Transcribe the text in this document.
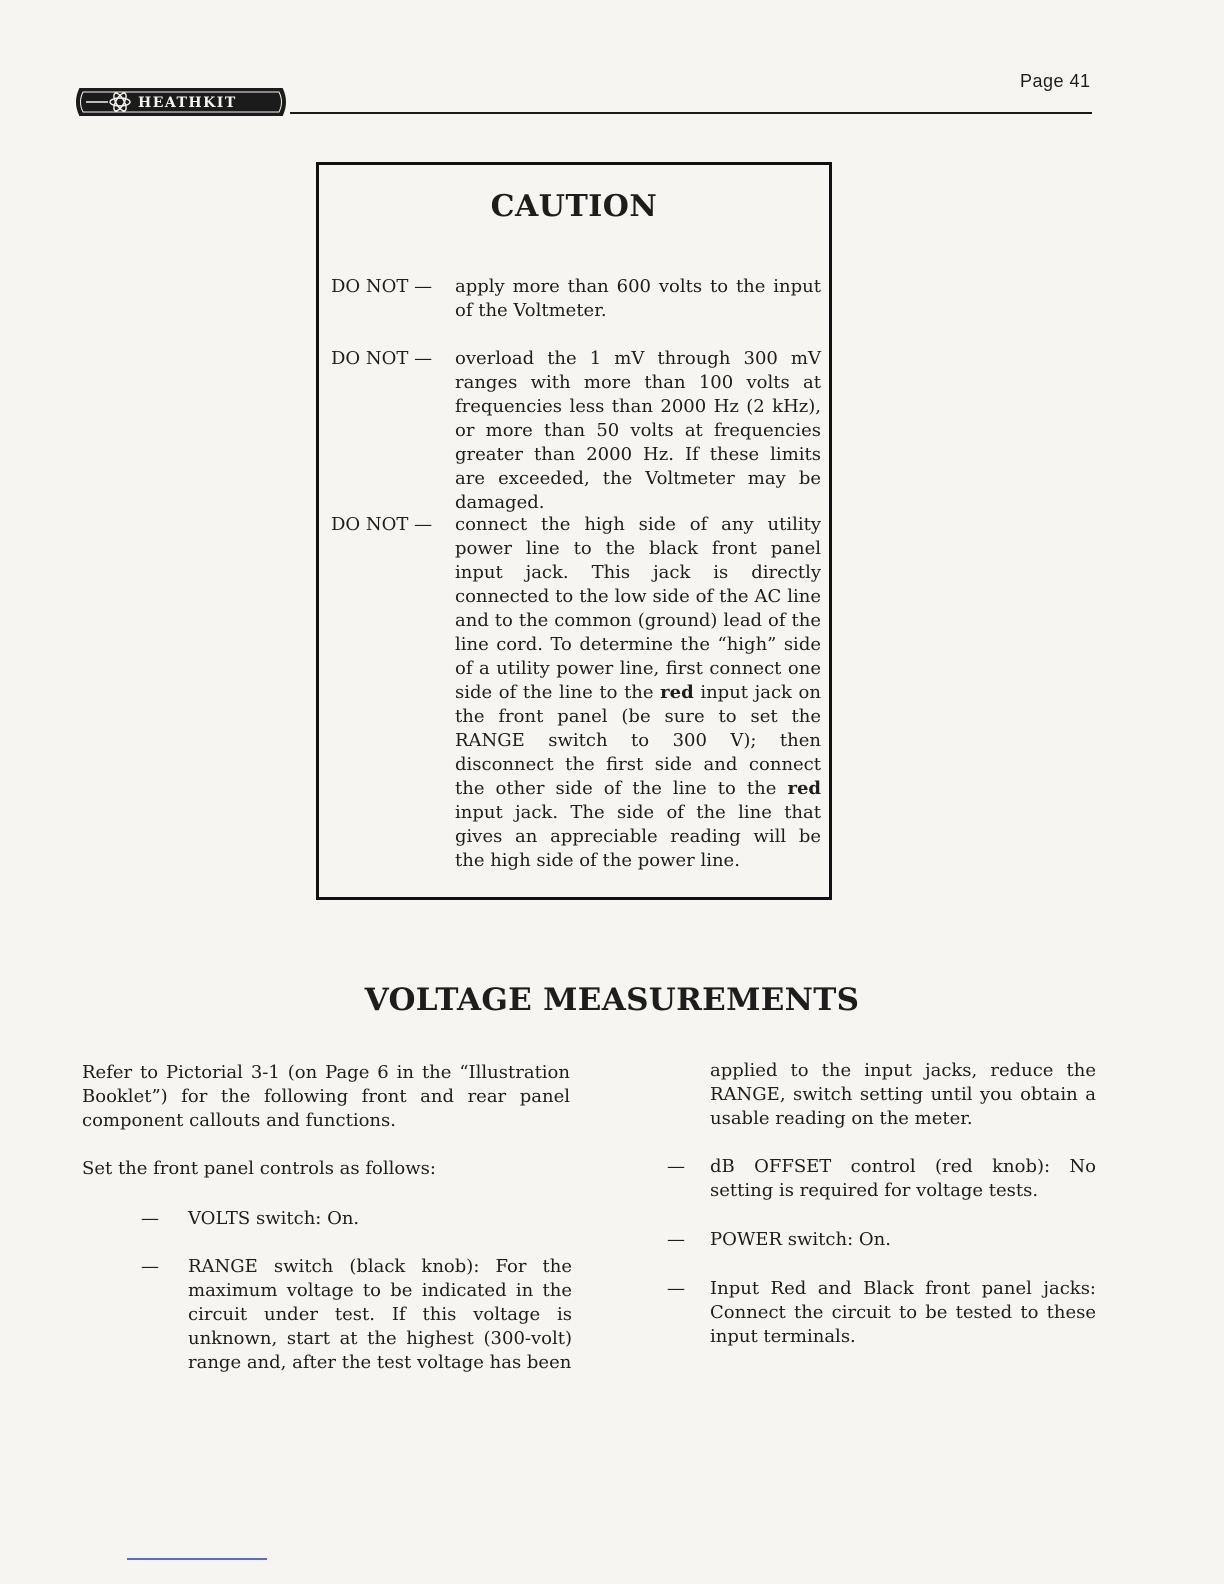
HEATHKIT
Page 41
CAUTION
DO NOT —	apply more than 600 volts to the input of the Voltmeter.
DO NOT —	overload the 1 mV through 300 mV ranges with more than 100 volts at frequencies less than 2000 Hz (2 kHz), or more than 50 volts at frequencies greater than 2000 Hz. If these limits are exceeded, the Voltmeter may be damaged.
DO NOT —	connect the high side of any utility power line to the black front panel input jack. This jack is directly connected to the low side of the AC line and to the common (ground) lead of the line cord. To determine the “high” side of a utility power line, first connect one side of the line to the red input jack on the front panel (be sure to set the RANGE switch to 300 V); then disconnect the first side and connect the other side of the line to the red input jack. The side of the line that gives an appreciable reading will be the high side of the power line.
VOLTAGE MEASUREMENTS

Refer to Pictorial 3-1 (on Page 6 in the “Illustration Booklet”) for the following front and rear panel component callouts and functions.

Set the front panel controls as follows:

—	VOLTS switch: On.
—	RANGE switch (black knob): For the maximum voltage to be indicated in the circuit under test. If this voltage is unknown, start at the highest (300-volt) range and, after the test voltage has been

applied to the input jacks, reduce the RANGE, switch setting until you obtain a usable reading on the meter.

—	dB OFFSET control (red knob): No setting is required for voltage tests.
—	POWER switch: On.
—	Input Red and Black front panel jacks: Connect the circuit to be tested to these input terminals.
